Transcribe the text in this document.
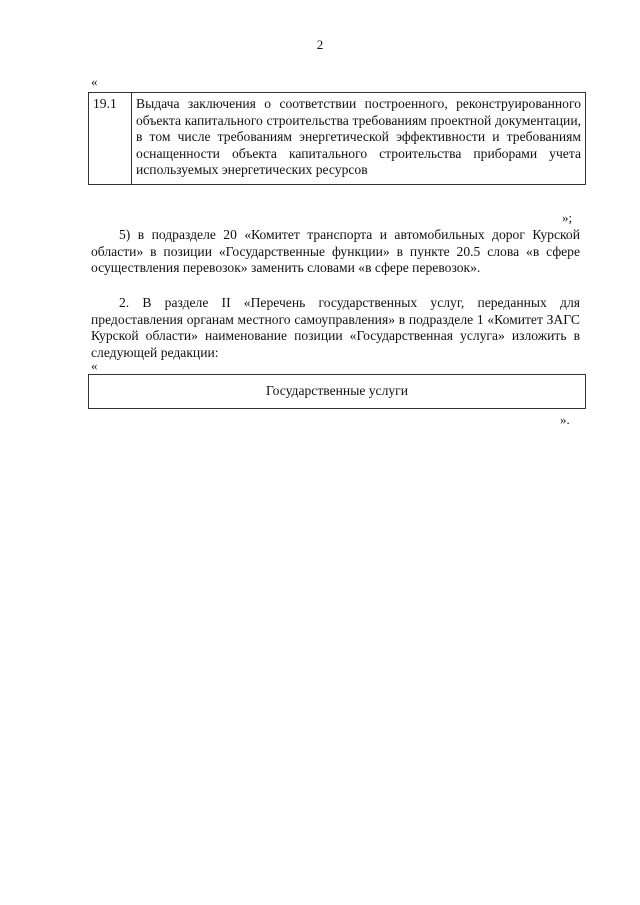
2
«
19.1	Выдача заключения о соответствии построенного, реконструированного объекта капитального строительства требованиям проектной документации, в том числе требованиям энергетической эффективности и требованиям оснащенности объекта капитального строительства приборами учета используемых энергетических ресурсов
»;
5) в подразделе 20 «Комитет транспорта и автомобильных дорог Курской области» в позиции «Государственные функции» в пункте 20.5 слова «в сфере осуществления перевозок» заменить словами «в сфере перевозок».
2. В разделе II «Перечень государственных услуг, переданных для предоставления органам местного самоуправления» в подразделе 1 «Комитет ЗАГС Курской области» наименование позиции «Государственная услуга» изложить в следующей редакции:
«
Государственные услуги
».
